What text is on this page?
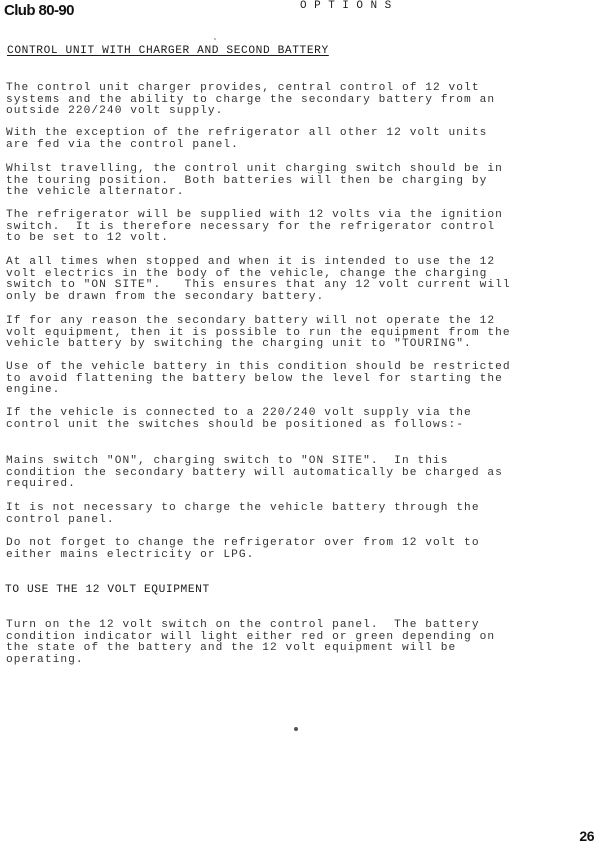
Club 80-90	OPTIONS
CONTROL UNIT WITH CHARGER AND SECOND BATTERY
The control unit charger provides, central control of 12 volt
systems and the ability to charge the secondary battery from an
outside 220/240 volt supply.
With the exception of the refrigerator all other 12 volt units
are fed via the control panel.
Whilst travelling, the control unit charging switch should be in
the touring position.  Both batteries will then be charging by
the vehicle alternator.
The refrigerator will be supplied with 12 volts via the ignition
switch.  It is therefore necessary for the refrigerator control
to be set to 12 volt.
At all times when stopped and when it is intended to use the 12
volt electrics in the body of the vehicle, change the charging
switch to "ON SITE".   This ensures that any 12 volt current will
only be drawn from the secondary battery.
If for any reason the secondary battery will not operate the 12
volt equipment, then it is possible to run the equipment from the
vehicle battery by switching the charging unit to "TOURING".
Use of the vehicle battery in this condition should be restricted
to avoid flattening the battery below the level for starting the
engine.
If the vehicle is connected to a 220/240 volt supply via the
control unit the switches should be positioned as follows:-
Mains switch "ON", charging switch to "ON SITE".  In this
condition the secondary battery will automatically be charged as
required.
It is not necessary to charge the vehicle battery through the
control panel.
Do not forget to change the refrigerator over from 12 volt to
either mains electricity or LPG.
TO USE THE 12 VOLT EQUIPMENT
Turn on the 12 volt switch on the control panel.  The battery
condition indicator will light either red or green depending on
the state of the battery and the 12 volt equipment will be
operating.
26
